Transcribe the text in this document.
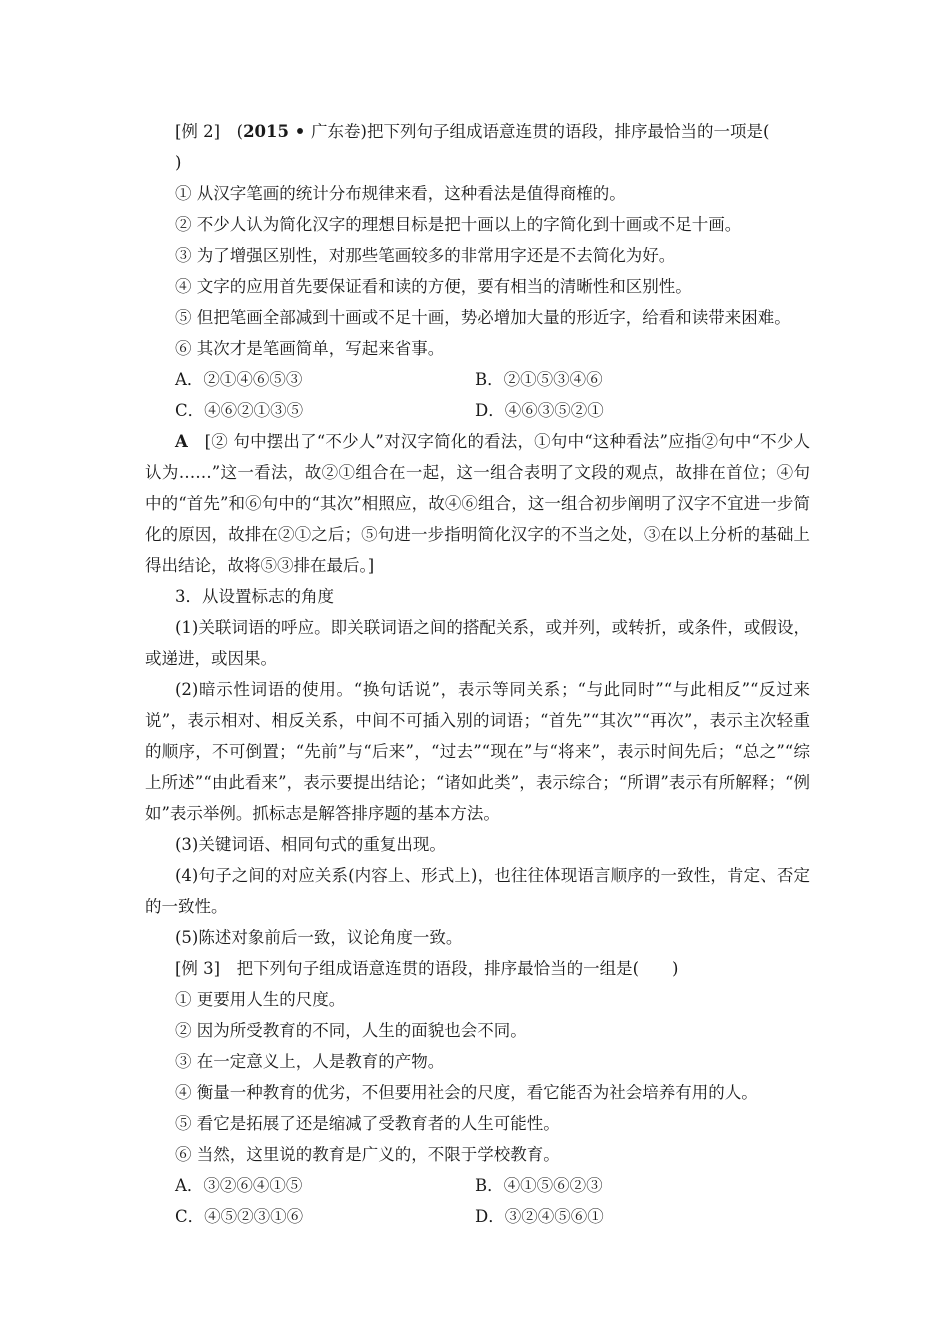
[例 2]　(2015 • 广东卷)把下列句子组成语意连贯的语段，排序最恰当的一项是(
)
① 从汉字笔画的统计分布规律来看，这种看法是值得商榷的。
② 不少人认为简化汉字的理想目标是把十画以上的字简化到十画或不足十画。
③ 为了增强区别性，对那些笔画较多的非常用字还是不去简化为好。
④ 文字的应用首先要保证看和读的方便，要有相当的清晰性和区别性。
⑤ 但把笔画全部减到十画或不足十画，势必增加大量的形近字，给看和读带来困难。
⑥ 其次才是笔画简单，写起来省事。
A．②①④⑥⑤③	B．②①⑤③④⑥
C．④⑥②①③⑤	D．④⑥③⑤②①
A　[② 句中摆出了“不少人”对汉字简化的看法，①句中“这种看法”应指②句中“不少人认为……”这一看法，故②①组合在一起，这一组合表明了文段的观点，故排在首位；④句中的“首先”和⑥句中的“其次”相照应，故④⑥组合，这一组合初步阐明了汉字不宜进一步简化的原因，故排在②①之后；⑤句进一步指明简化汉字的不当之处，③在以上分析的基础上得出结论，故将⑤③排在最后。]
3．从设置标志的角度
(1)关联词语的呼应。即关联词语之间的搭配关系，或并列，或转折，或条件，或假设，或递进，或因果。
(2)暗示性词语的使用。“换句话说”，表示等同关系；“与此同时”“与此相反”“反过来说”，表示相对、相反关系，中间不可插入别的词语；“首先”“其次”“再次”，表示主次轻重的顺序，不可倒置；“先前”与“后来”，“过去”“现在”与“将来”，表示时间先后；“总之”“综上所述”“由此看来”，表示要提出结论；“诸如此类”，表示综合；“所谓”表示有所解释；“例如”表示举例。抓标志是解答排序题的基本方法。
(3)关键词语、相同句式的重复出现。
(4)句子之间的对应关系(内容上、形式上)，也往往体现语言顺序的一致性，肯定、否定的一致性。
(5)陈述对象前后一致，议论角度一致。
[例 3]　把下列句子组成语意连贯的语段，排序最恰当的一组是(　　)
① 更要用人生的尺度。
② 因为所受教育的不同，人生的面貌也会不同。
③ 在一定意义上，人是教育的产物。
④ 衡量一种教育的优劣，不但要用社会的尺度，看它能否为社会培养有用的人。
⑤ 看它是拓展了还是缩减了受教育者的人生可能性。
⑥ 当然，这里说的教育是广义的，不限于学校教育。
A．③②⑥④①⑤	B．④①⑤⑥②③
C．④⑤②③①⑥	D．③②④⑤⑥①
